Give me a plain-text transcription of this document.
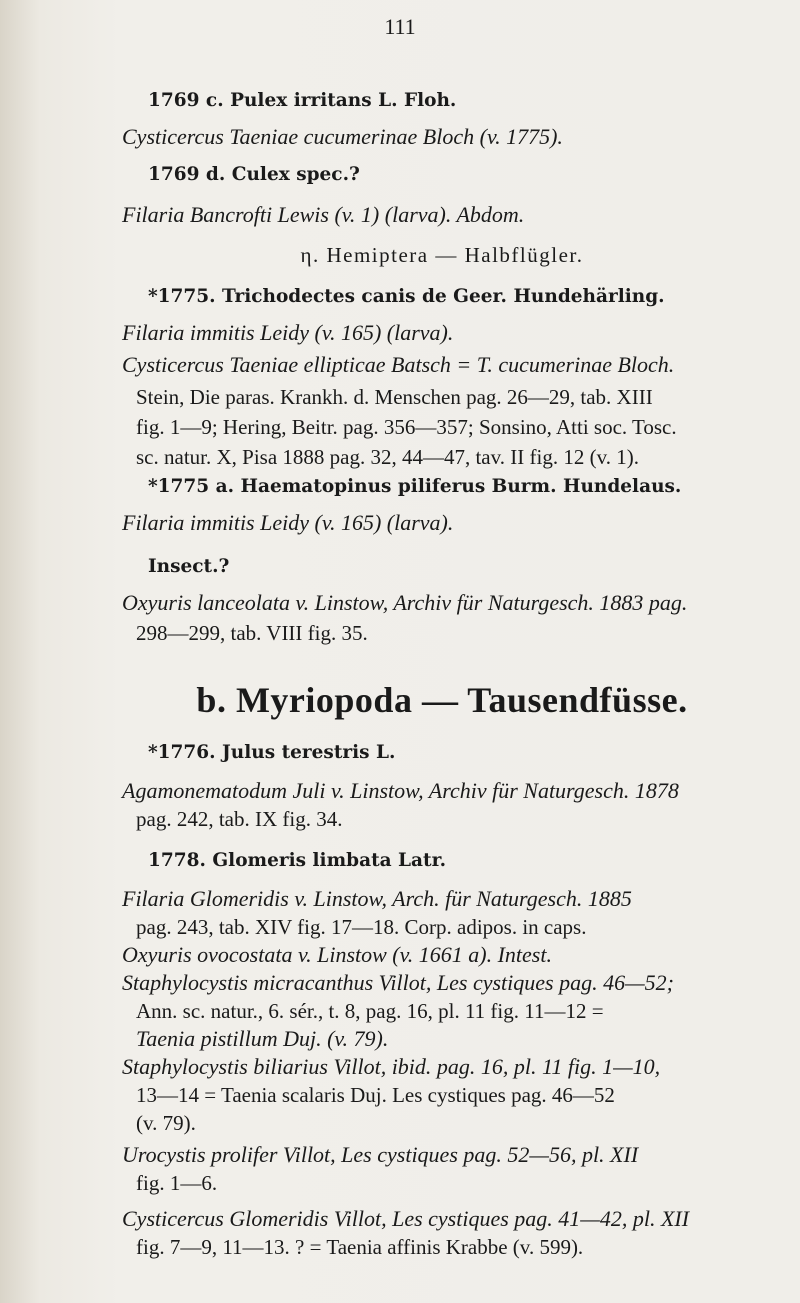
111
1769 c. Pulex irritans L. Floh.
Cysticercus Taeniae cucumerinae Bloch (v. 1775).
1769 d. Culex spec.?
Filaria Bancrofti Lewis (v. 1) (larva). Abdom.
η. Hemiptera — Halbflügler.
*1775. Trichodectes canis de Geer. Hundehärling.
Filaria immitis Leidy (v. 165) (larva).
Cysticercus Taeniae ellipticae Batsch = T. cucumerinae Bloch.
Stein, Die paras. Krankh. d. Menschen pag. 26—29, tab. XIII
fig. 1—9; Hering, Beitr. pag. 356—357; Sonsino, Atti soc. Tosc.
sc. natur. X, Pisa 1888 pag. 32, 44—47, tav. II fig. 12 (v. 1).
*1775 a. Haematopinus piliferus Burm. Hundelaus.
Filaria immitis Leidy (v. 165) (larva).
Insect.?
Oxyuris lanceolata v. Linstow, Archiv für Naturgesch. 1883 pag.
298—299, tab. VIII fig. 35.
b. Myriopoda — Tausendfüsse.
*1776. Julus terestris L.
Agamonematodum Juli v. Linstow, Archiv für Naturgesch. 1878
pag. 242, tab. IX fig. 34.
1778. Glomeris limbata Latr.
Filaria Glomeridis v. Linstow, Arch. für Naturgesch. 1885
pag. 243, tab. XIV fig. 17—18. Corp. adipos. in caps.
Oxyuris ovocostata v. Linstow (v. 1661 a). Intest.
Staphylocystis micracanthus Villot, Les cystiques pag. 46—52;
Ann. sc. natur., 6. sér., t. 8, pag. 16, pl. 11 fig. 11—12 =
Taenia pistillum Duj. (v. 79).
Staphylocystis biliarius Villot, ibid. pag. 16, pl. 11 fig. 1—10,
13—14 = Taenia scalaris Duj. Les cystiques pag. 46—52
(v. 79).
Urocystis prolifer Villot, Les cystiques pag. 52—56, pl. XII
fig. 1—6.
Cysticercus Glomeridis Villot, Les cystiques pag. 41—42, pl. XII
fig. 7—9, 11—13. ? = Taenia affinis Krabbe (v. 599).
